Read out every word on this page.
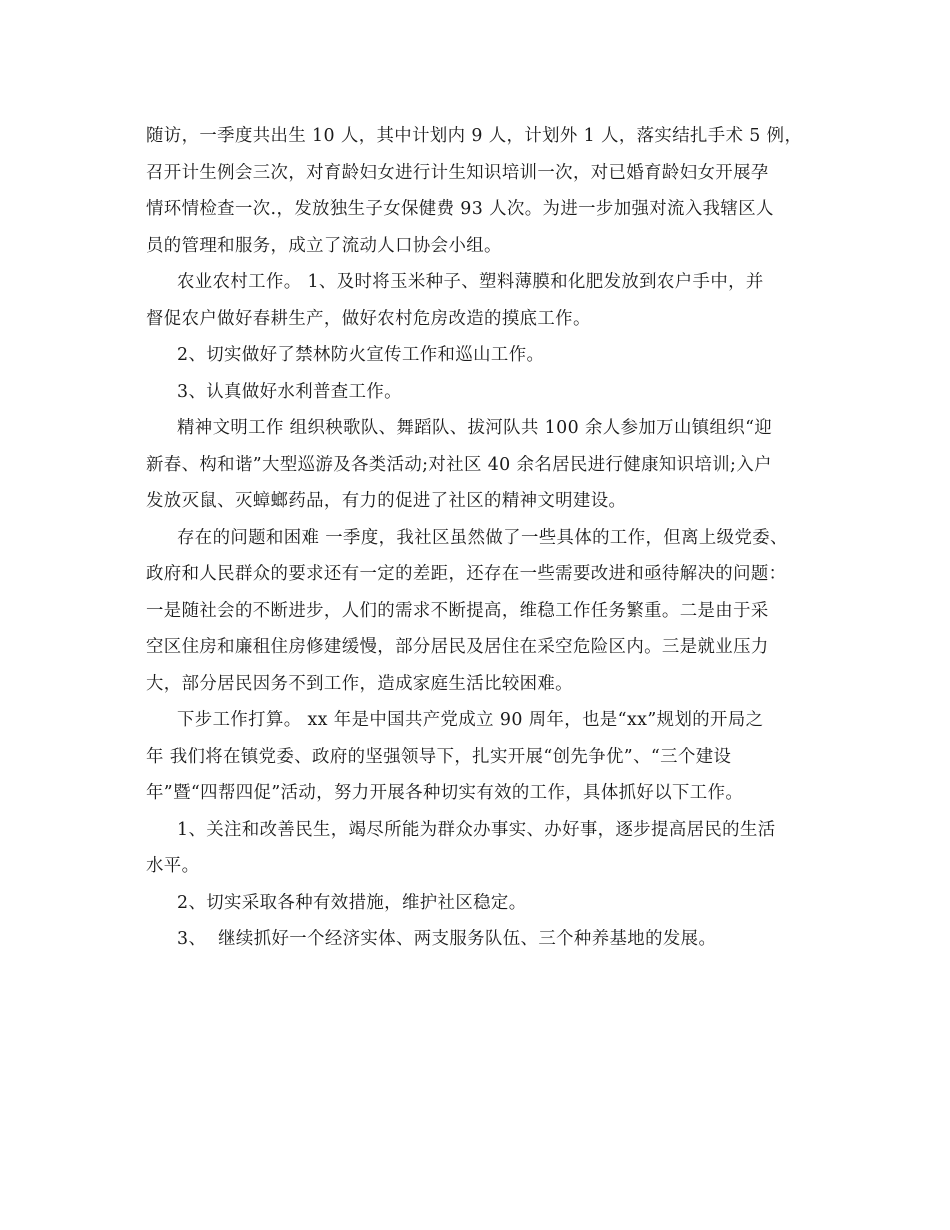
随访，一季度共出生 10 人，其中计划内 9 人，计划外 1 人，落实结扎手术 5 例，
召开计生例会三次，对育龄妇女进行计生知识培训一次，对已婚育龄妇女开展孕
情环情检查一次.，发放独生子女保健费 93 人次。为进一步加强对流入我辖区人
员的管理和服务，成立了流动人口协会小组。
农业农村工作。 1、及时将玉米种子、塑料薄膜和化肥发放到农户手中，并
督促农户做好春耕生产，做好农村危房改造的摸底工作。
2、切实做好了禁林防火宣传工作和巡山工作。
3、认真做好水利普查工作。
精神文明工作 组织秧歌队、舞蹈队、拔河队共 100 余人参加万山镇组织“迎
新春、构和谐”大型巡游及各类活动;对社区 40 余名居民进行健康知识培训;入户
发放灭鼠、灭蟑螂药品，有力的促进了社区的精神文明建设。
存在的问题和困难 一季度，我社区虽然做了一些具体的工作，但离上级党委、
政府和人民群众的要求还有一定的差距，还存在一些需要改进和亟待解决的问题：
一是随社会的不断进步，人们的需求不断提高，维稳工作任务繁重。二是由于采
空区住房和廉租住房修建缓慢，部分居民及居住在采空危险区内。三是就业压力
大，部分居民因务不到工作，造成家庭生活比较困难。
下步工作打算。 xx 年是中国共产党成立 90 周年，也是“xx”规划的开局之
年 我们将在镇党委、政府的坚强领导下，扎实开展“创先争优”、“三个建设
年”暨“四帮四促”活动，努力开展各种切实有效的工作，具体抓好以下工作。
1、关注和改善民生，竭尽所能为群众办事实、办好事，逐步提高居民的生活
水平。
2、切实采取各种有效措施，维护社区稳定。
3、  继续抓好一个经济实体、两支服务队伍、三个种养基地的发展。
